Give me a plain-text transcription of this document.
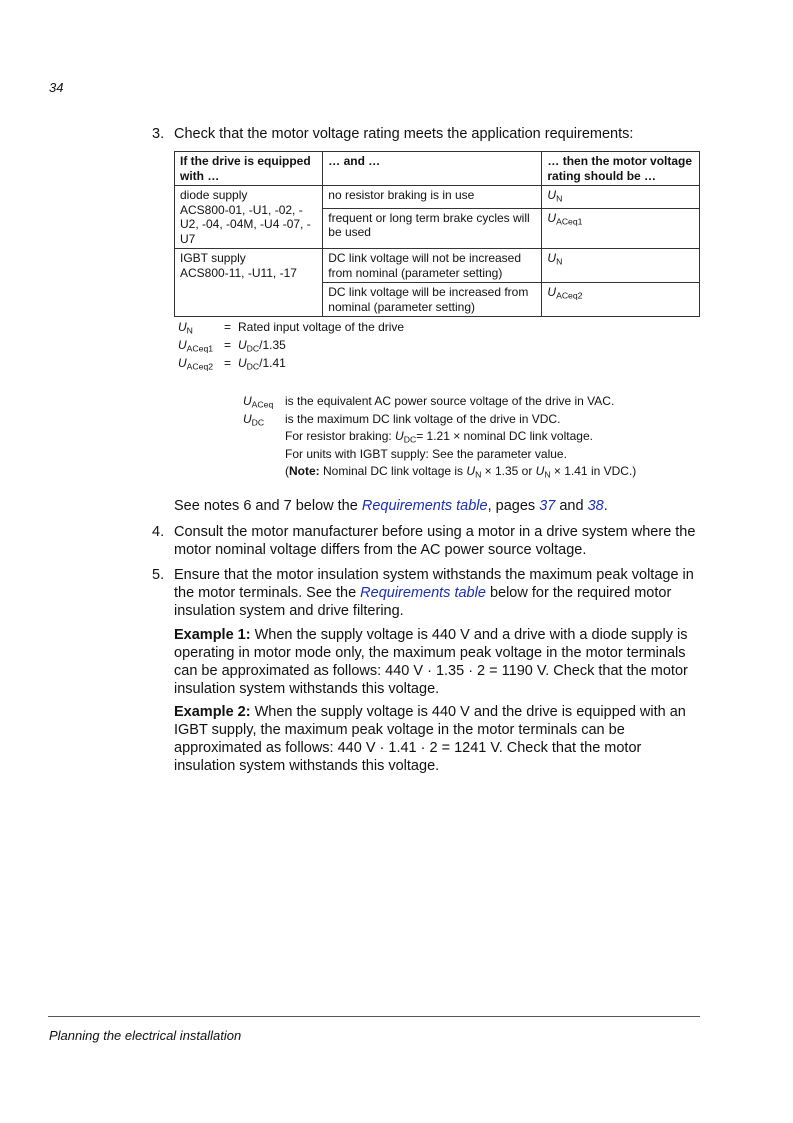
34
3. Check that the motor voltage rating meets the application requirements:
If the drive is equipped with …	… and …	… then the motor voltage rating should be …

diode supply
ACS800-01, -U1, -02, -U2, -04, -04M, -U4 -07, -U7	no resistor braking is in use	$U_N$
	frequent or long term brake cycles will be used	$U_{ACeq1}$

IGBT supply
ACS800-11, -U11, -17	DC link voltage will not be increased from nominal (parameter setting)	$U_N$
	DC link voltage will be increased from nominal (parameter setting)	$U_{ACeq2}$
$U_N$	= Rated input voltage of the drive
$U_{ACeq1} = U_{DC}/1.35$
$U_{ACeq2} = U_{DC}/1.41$
$U_{ACeq}$ is the equivalent AC power source voltage of the drive in VAC.
$U_{DC}$ is the maximum DC link voltage of the drive in VDC.
For resistor braking: $U_{DC}= 1.21$ × nominal DC link voltage.
For units with IGBT supply: See the parameter value.
(Note: Nominal DC link voltage is $U_N \times 1.35$ or $U_N \times 1.41$ in VDC.)
See notes 6 and 7 below the Requirements table, pages 37 and 38.
4. Consult the motor manufacturer before using a motor in a drive system where the motor nominal voltage differs from the AC power source voltage.
5. Ensure that the motor insulation system withstands the maximum peak voltage in the motor terminals. See the Requirements table below for the required motor insulation system and drive filtering.
Example 1: When the supply voltage is 440 V and a drive with a diode supply is operating in motor mode only, the maximum peak voltage in the motor terminals can be approximated as follows: 440 V · 1.35 · 2 = 1190 V. Check that the motor insulation system withstands this voltage.
Example 2: When the supply voltage is 440 V and the drive is equipped with an IGBT supply, the maximum peak voltage in the motor terminals can be approximated as follows: 440 V · 1.41 · 2 = 1241 V. Check that the motor insulation system withstands this voltage.
Planning the electrical installation
